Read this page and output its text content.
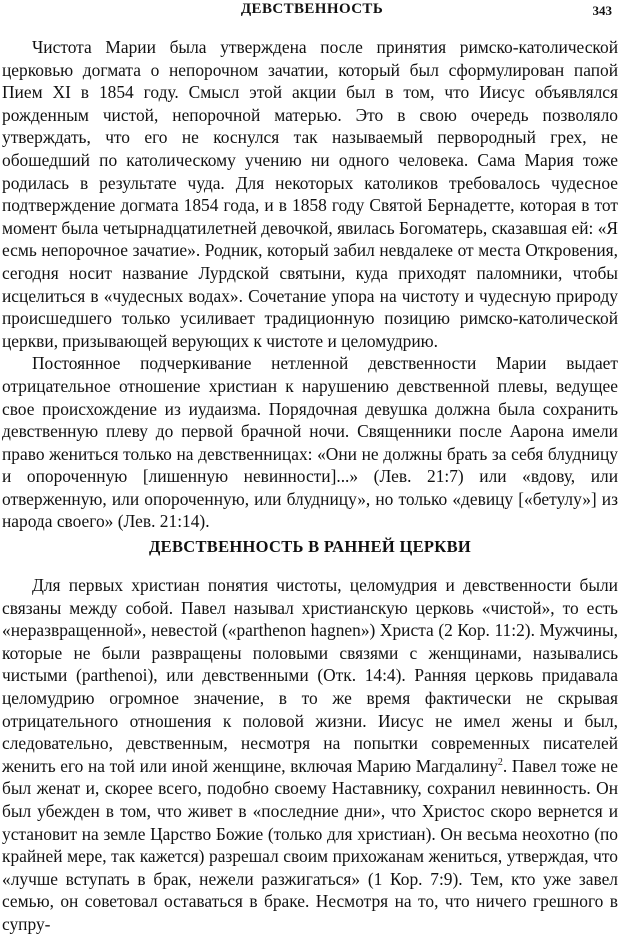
ДЕВСТВЕННОСТЬ	343

Чистота Марии была утверждена после принятия римско-католической церковью догмата о непорочном зачатии, который был сформулирован папой Пием XI в 1854 году. Смысл этой акции был в том, что Иисус объявлялся рожденным чистой, непорочной матерью. Это в свою очередь позволяло утверждать, что его не коснулся так называемый первородный грех, не обошедший по католическому учению ни одного человека. Сама Мария тоже родилась в результате чуда. Для некоторых католиков требовалось чудесное подтверждение догмата 1854 года, и в 1858 году Святой Бернадетте, которая в тот момент была четырнадцатилетней девочкой, явилась Богоматерь, сказавшая ей: «Я есмь непорочное зачатие». Родник, который забил невдалеке от места Откровения, сегодня носит название Лурдской святыни, куда приходят паломники, чтобы исцелиться в «чудесных водах». Сочетание упора на чистоту и чудесную природу происшедшего только усиливает традиционную позицию римско-католической церкви, призывающей верующих к чистоте и целомудрию.

Постоянное подчеркивание нетленной девственности Марии выдает отрицательное отношение христиан к нарушению девственной плевы, ведущее свое происхождение из иудаизма. Порядочная девушка должна была сохранить девственную плеву до первой брачной ночи. Священники после Аарона имели право жениться только на девственницах: «Они не должны брать за себя блудницу и опороченную [лишенную невинности]...» (Лев. 21:7) или «вдову, или отверженную, или опороченную, или блудницу», но только «девицу [«бетулу»] из народа своего» (Лев. 21:14).

ДЕВСТВЕННОСТЬ В РАННЕЙ ЦЕРКВИ

Для первых христиан понятия чистоты, целомудрия и девственности были связаны между собой. Павел называл христианскую церковь «чистой», то есть «неразвращенной», невестой («parthenon hagnen») Христа (2 Кор. 11:2). Мужчины, которые не были развращены половыми связями с женщинами, назывались чистыми (parthenoi), или девственными (Отк. 14:4). Ранняя церковь придавала целомудрию огромное значение, в то же время фактически не скрывая отрицательного отношения к половой жизни. Иисус не имел жены и был, следовательно, девственным, несмотря на попытки современных писателей женить его на той или иной женщине, включая Марию Магдалину$^2$. Павел тоже не был женат и, скорее всего, подобно своему Наставнику, сохранил невинность. Он был убежден в том, что живет в «последние дни», что Христос скоро вернется и установит на земле Царство Божие (только для христиан). Он весьма неохотно (по крайней мере, так кажется) разрешал своим прихожанам жениться, утверждая, что «лучше вступать в брак, нежели разжигаться» (1 Кор. 7:9). Тем, кто уже завел семью, он советовал оставаться в браке. Несмотря на то, что ничего грешного в супру-
